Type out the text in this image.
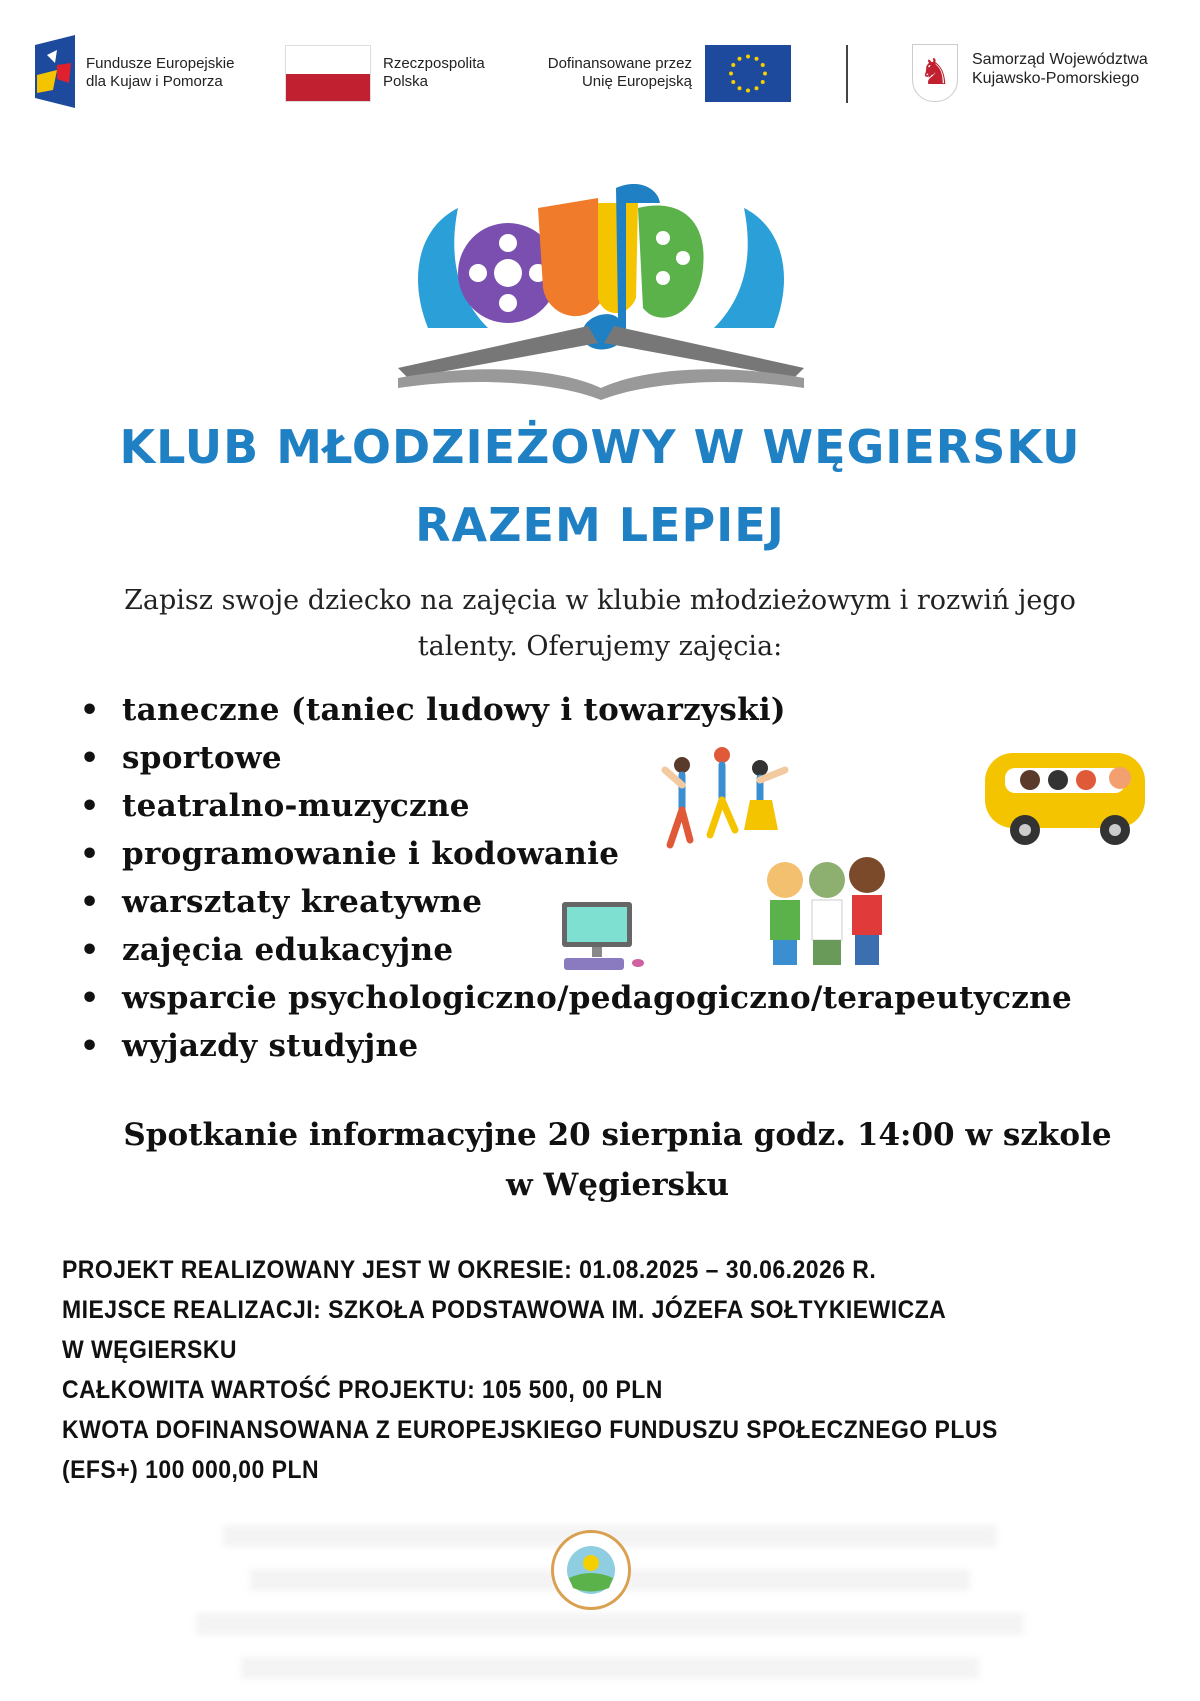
Fundusze Europejskie
dla Kujaw i Pomorza
Rzeczpospolita
Polska
Dofinansowane przez
Unię Europejską	♞	Samorząd Województwa
Kujawsko-Pomorskiego
KLUB MŁODZIEŻOWY W WĘGIERSKU
RAZEM LEPIEJ
Zapisz swoje dziecko na zajęcia w klubie młodzieżowym i rozwiń jego
talenty. Oferujemy zajęcia:
• taneczne (taniec ludowy i towarzyski)
• sportowe
• teatralno-muzyczne
• programowanie i kodowanie
• warsztaty kreatywne
• zajęcia edukacyjne
• wsparcie psychologiczno/pedagogiczno/terapeutyczne
• wyjazdy studyjne
Spotkanie informacyjne 20 sierpnia godz. 14:00 w szkole
w Węgiersku
PROJEKT REALIZOWANY JEST W OKRESIE: 01.08.2025 – 30.06.2026 R.
MIEJSCE REALIZACJI: SZKOŁA PODSTAWOWA IM. JÓZEFA SOŁTYKIEWICZA
W WĘGIERSKU
CAŁKOWITA WARTOŚĆ PROJEKTU: 105 500, 00 PLN
KWOTA DOFINANSOWANA Z EUROPEJSKIEGO FUNDUSZU SPOŁECZNEGO PLUS
(EFS+) 100 000,00 PLN
